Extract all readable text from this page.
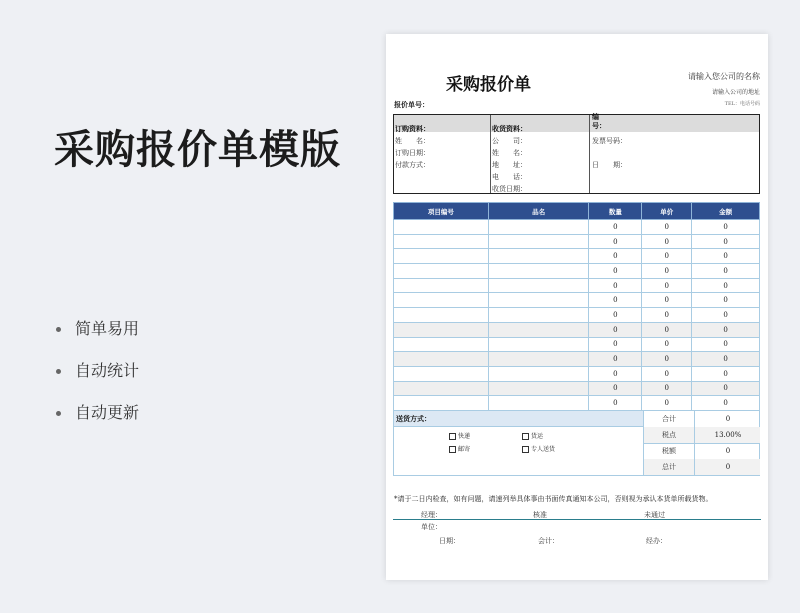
采购报价单模版
简单易用
自动统计
自动更新
采购报价单	请输入您公司的名称
请输入公司的地址
TEL：电话号码
报价单号：
订购资料：
姓　　名：
订购日期：
付款方式：
收货资料：
公　　司：
姓　　名：
地　　址：
电　　话：
收货日期：
编号：
发票号码：
日　　期：
项目编号	品名	数量	单价	金额
		0	0	0
		0	0	0
		0	0	0
		0	0	0
		0	0	0
		0	0	0
		0	0	0
		0	0	0
		0	0	0
		0	0	0
		0	0	0
		0	0	0
		0	0	0
送货方式：
快递	货运
邮寄	专人送货
合计	0
税点	13.00%
税额	0
总计	0
*请于二日内检查，如有问题，请速列举具体事由书面传真通知本公司，否则视为承认本货单所载货物。
经理：	核准	未通过
单位：
日期：	会计：	经办：
